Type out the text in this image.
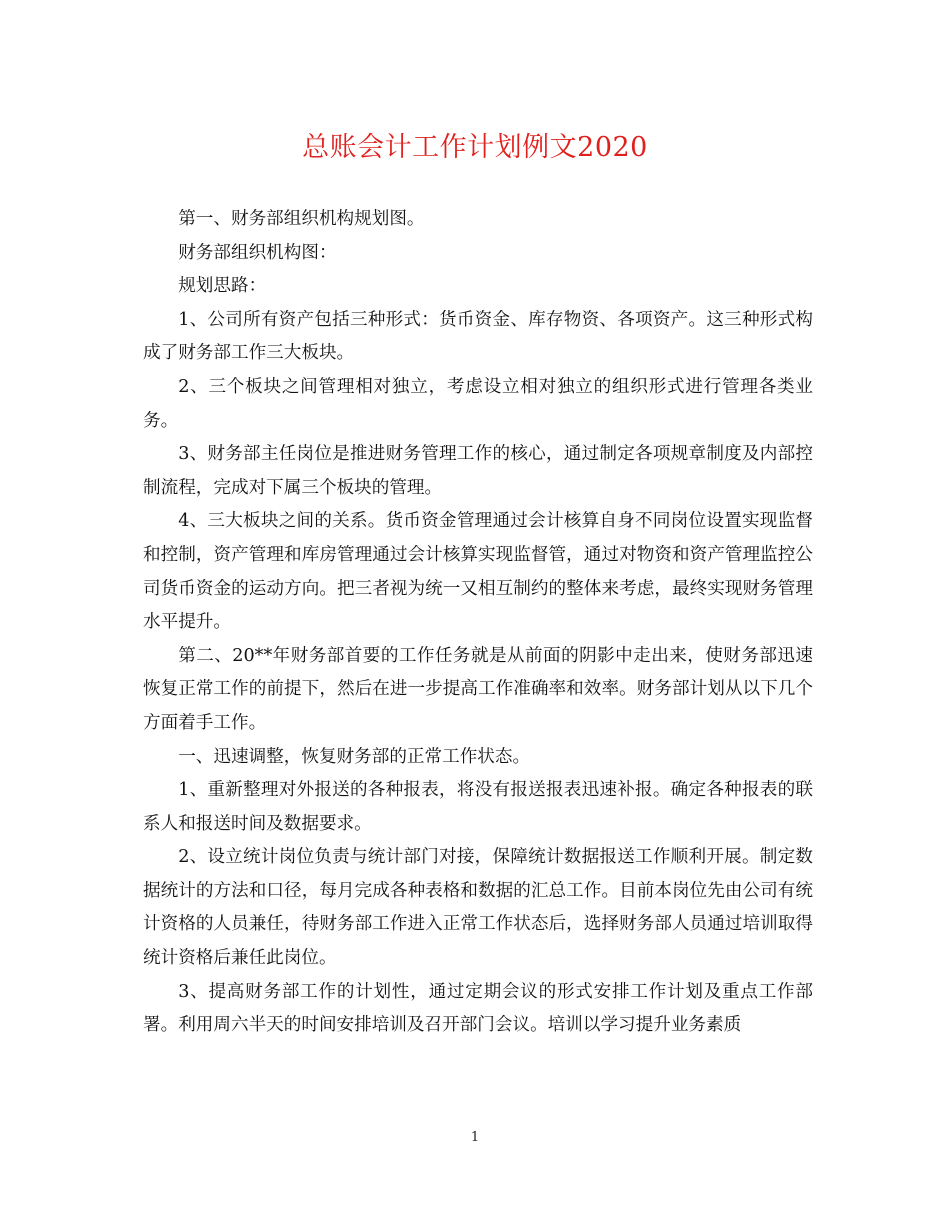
总账会计工作计划例文2020

第一、财务部组织机构规划图。

财务部组织机构图：

规划思路：

1、公司所有资产包括三种形式：货币资金、库存物资、各项资产。这三种形式构成了财务部工作三大板块。

2、三个板块之间管理相对独立，考虑设立相对独立的组织形式进行管理各类业务。

3、财务部主任岗位是推进财务管理工作的核心，通过制定各项规章制度及内部控制流程，完成对下属三个板块的管理。

4、三大板块之间的关系。货币资金管理通过会计核算自身不同岗位设置实现监督和控制，资产管理和库房管理通过会计核算实现监督管，通过对物资和资产管理监控公司货币资金的运动方向。把三者视为统一又相互制约的整体来考虑，最终实现财务管理水平提升。

第二、20**年财务部首要的工作任务就是从前面的阴影中走出来，使财务部迅速恢复正常工作的前提下，然后在进一步提高工作准确率和效率。财务部计划从以下几个方面着手工作。

一、迅速调整，恢复财务部的正常工作状态。

1、重新整理对外报送的各种报表，将没有报送报表迅速补报。确定各种报表的联系人和报送时间及数据要求。

2、设立统计岗位负责与统计部门对接，保障统计数据报送工作顺利开展。制定数据统计的方法和口径，每月完成各种表格和数据的汇总工作。目前本岗位先由公司有统计资格的人员兼任，待财务部工作进入正常工作状态后，选择财务部人员通过培训取得统计资格后兼任此岗位。

3、提高财务部工作的计划性，通过定期会议的形式安排工作计划及重点工作部署。利用周六半天的时间安排培训及召开部门会议。培训以学习提升业务素质

1
